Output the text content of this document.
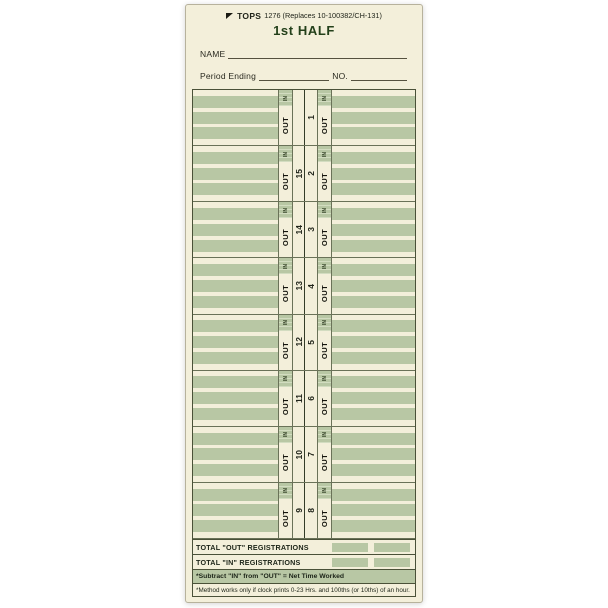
TOPS 1276 (Replaces 10-100382/CH-131)
1st HALF
NAME
Period Ending	NO.
IN
OUT 1
IN
OUT
IN
OUT 15 2
IN
OUT
IN
OUT 14 3
IN
OUT
IN
OUT 13 4
IN
OUT
IN
OUT 12 5
IN
OUT
IN
OUT 11 6
IN
OUT
IN
OUT 10 7
IN
OUT
IN
OUT 9 8
IN
OUT
TOTAL "OUT" REGISTRATIONS
TOTAL "IN" REGISTRATIONS
*Subtract "IN" from "OUT" = Net Time Worked
*Method works only if clock prints 0-23 Hrs. and 100ths (or 10ths) of an hour.
